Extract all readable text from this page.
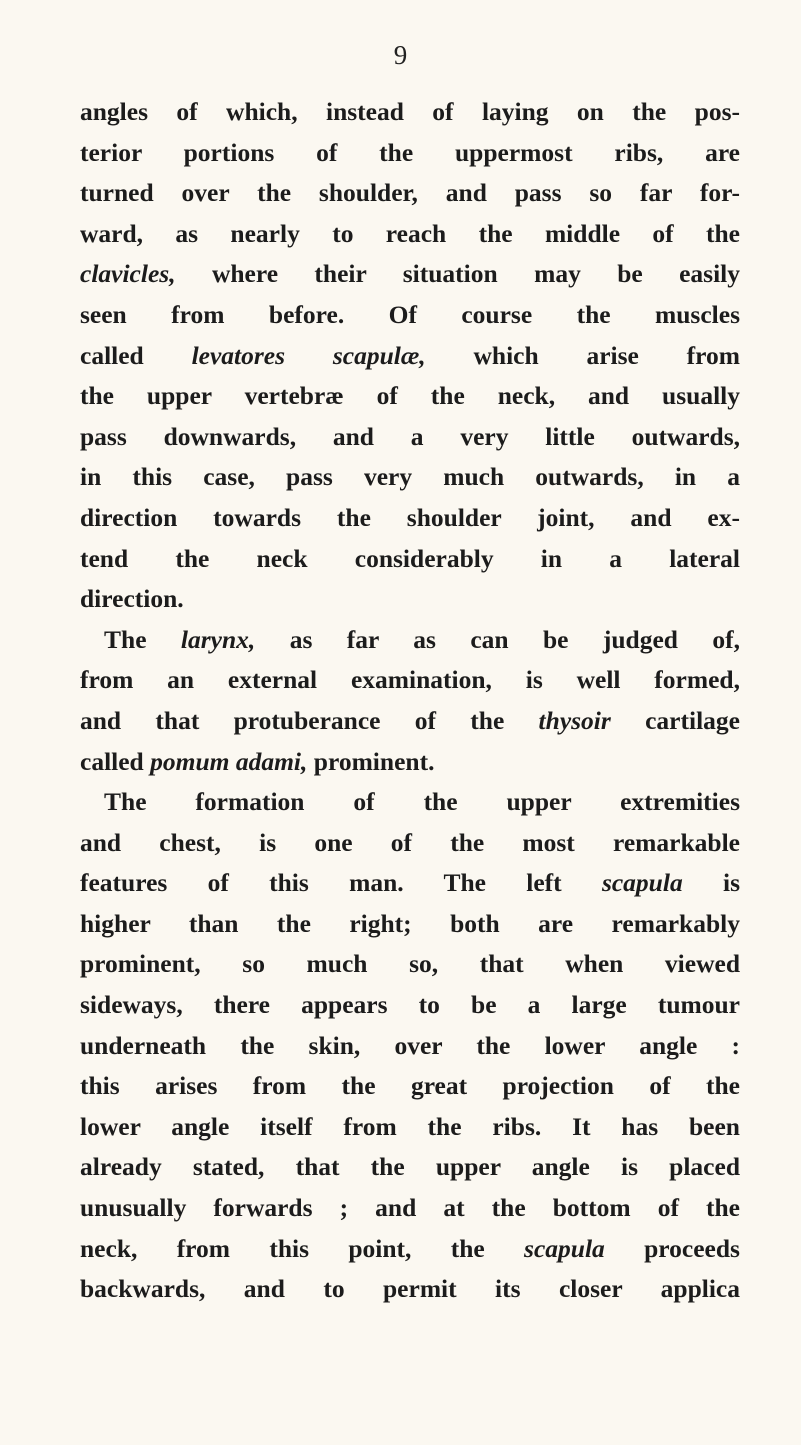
9
angles of which, instead of laying on the pos-
terior portions of the uppermost ribs, are
turned over the shoulder, and pass so far for-
ward, as nearly to reach the middle of the
clavicles, where their situation may be easily
seen from before. Of course the muscles
called levatores scapulæ, which arise from
the upper vertebræ of the neck, and usually
pass downwards, and a very little outwards,
in this case, pass very much outwards, in a
direction towards the shoulder joint, and ex-
tend the neck considerably in a lateral
direction.
The larynx, as far as can be judged of,
from an external examination, is well formed,
and that protuberance of the thysoir cartilage
called pomum adami, prominent.
The formation of the upper extremities
and chest, is one of the most remarkable
features of this man. The left scapula is
higher than the right; both are remarkably
prominent, so much so, that when viewed
sideways, there appears to be a large tumour
underneath the skin, over the lower angle :
this arises from the great projection of the
lower angle itself from the ribs. It has been
already stated, that the upper angle is placed
unusually forwards ; and at the bottom of the
neck, from this point, the scapula proceeds
backwards, and to permit its closer applica
